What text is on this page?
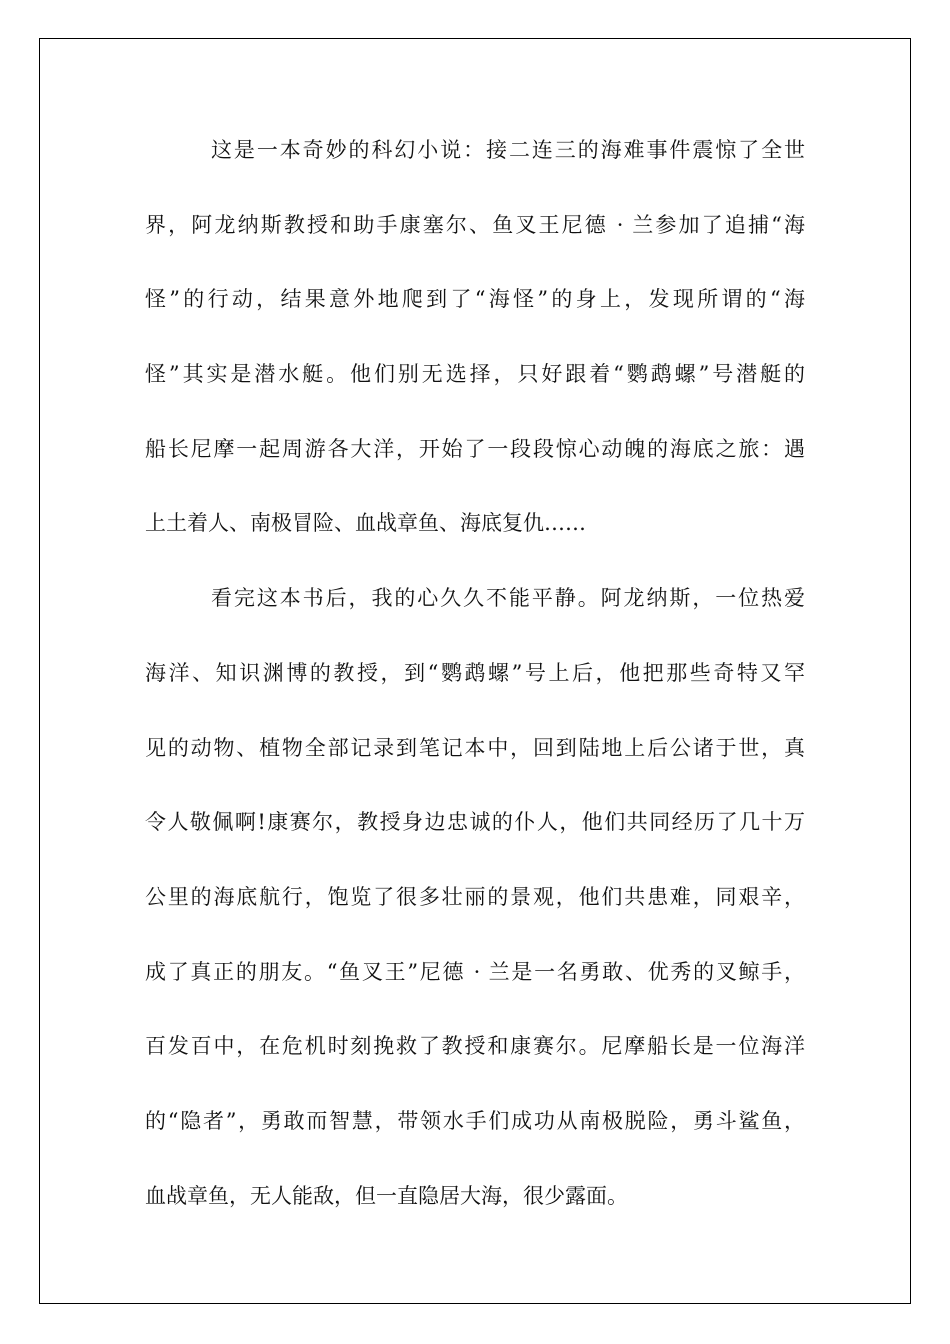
这是一本奇妙的科幻小说：接二连三的海难事件震惊了全世
界，阿龙纳斯教授和助手康塞尔、鱼叉王尼德 · 兰参加了追捕“海
怪”的行动，结果意外地爬到了“海怪”的身上，发现所谓的“海
怪”其实是潜水艇。他们别无选择，只好跟着“鹦鹉螺”号潜艇的
船长尼摩一起周游各大洋，开始了一段段惊心动魄的海底之旅：遇
上土着人、南极冒险、血战章鱼、海底复仇……
看完这本书后，我的心久久不能平静。阿龙纳斯，一位热爱
海洋、知识渊博的教授，到“鹦鹉螺”号上后，他把那些奇特又罕
见的动物、植物全部记录到笔记本中，回到陆地上后公诸于世，真
令人敬佩啊!康赛尔，教授身边忠诚的仆人，他们共同经历了几十万
公里的海底航行，饱览了很多壮丽的景观，他们共患难，同艰辛，
成了真正的朋友。“鱼叉王”尼德 · 兰是一名勇敢、优秀的叉鲸手，
百发百中，在危机时刻挽救了教授和康赛尔。尼摩船长是一位海洋
的“隐者”，勇敢而智慧，带领水手们成功从南极脱险，勇斗鲨鱼，
血战章鱼，无人能敌，但一直隐居大海，很少露面。
